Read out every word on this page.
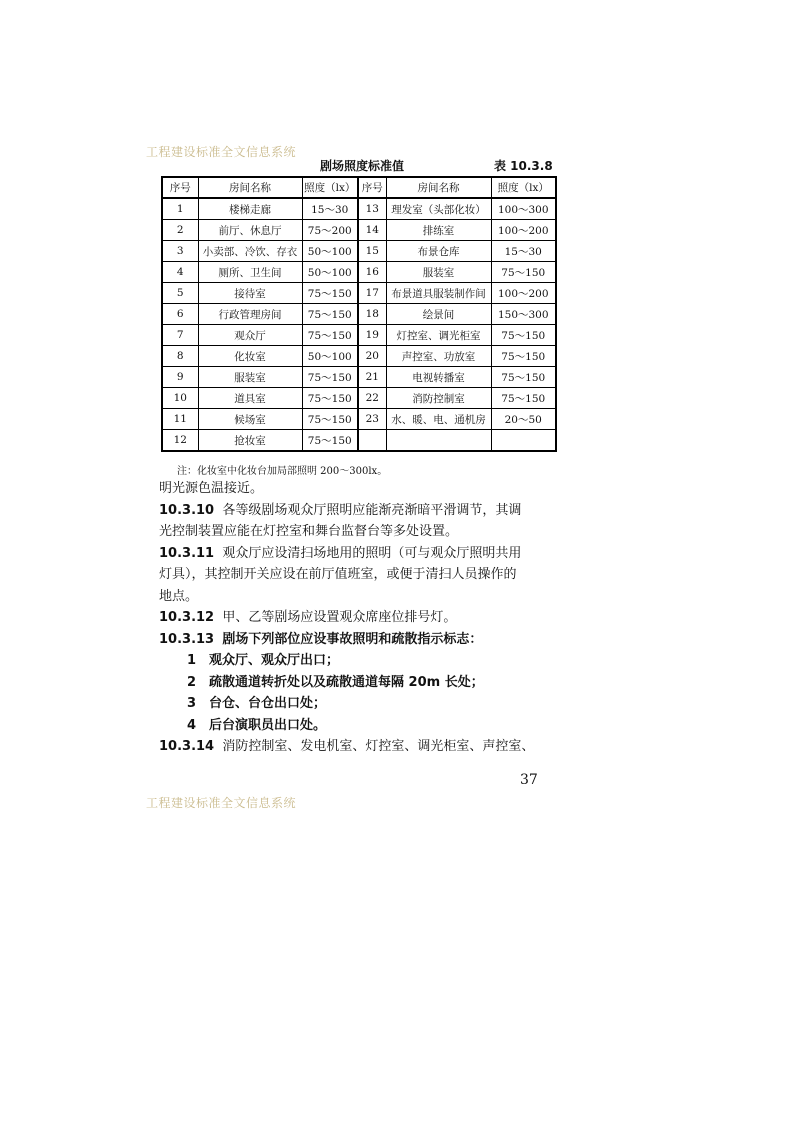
工程建设标准全文信息系统
剧场照度标准值	表 10.3.8
序号	房间名称	照度（lx）	序号	房间名称	照度（lx）
1	楼梯走廊	15～30	13	理发室（头部化妆）	100～300
2	前厅、休息厅	75～200	14	排练室	100～200
3	小卖部、冷饮、存衣	50～100	15	布景仓库	15～30
4	厕所、卫生间	50～100	16	服装室	75～150
5	接待室	75～150	17	布景道具服装制作间	100～200
6	行政管理房间	75～150	18	绘景间	150～300
7	观众厅	75～150	19	灯控室、调光柜室	75～150
8	化妆室	50～100	20	声控室、功放室	75～150
9	服装室	75～150	21	电视转播室	75～150
10	道具室	75～150	22	消防控制室	75～150
11	候场室	75～150	23	水、暖、电、通机房	20～50
12	抢妆室	75～150			
注：化妆室中化妆台加局部照明 200～300lx。

明光源色温接近。

10.3.10 各等级剧场观众厅照明应能渐亮渐暗平滑调节，其调

光控制装置应能在灯控室和舞台监督台等多处设置。

10.3.11 观众厅应设清扫场地用的照明（可与观众厅照明共用

灯具），其控制开关应设在前厅值班室，或便于清扫人员操作的

地点。

10.3.12 甲、乙等剧场应设置观众席座位排号灯。

10.3.13 剧场下列部位应设事故照明和疏散指示标志：

1 观众厅、观众厅出口；

2 疏散通道转折处以及疏散通道每隔 20m 长处；

3 台仓、台仓出口处；

4 后台演职员出口处。

10.3.14 消防控制室、发电机室、灯控室、调光柜室、声控室、

37
工程建设标准全文信息系统
